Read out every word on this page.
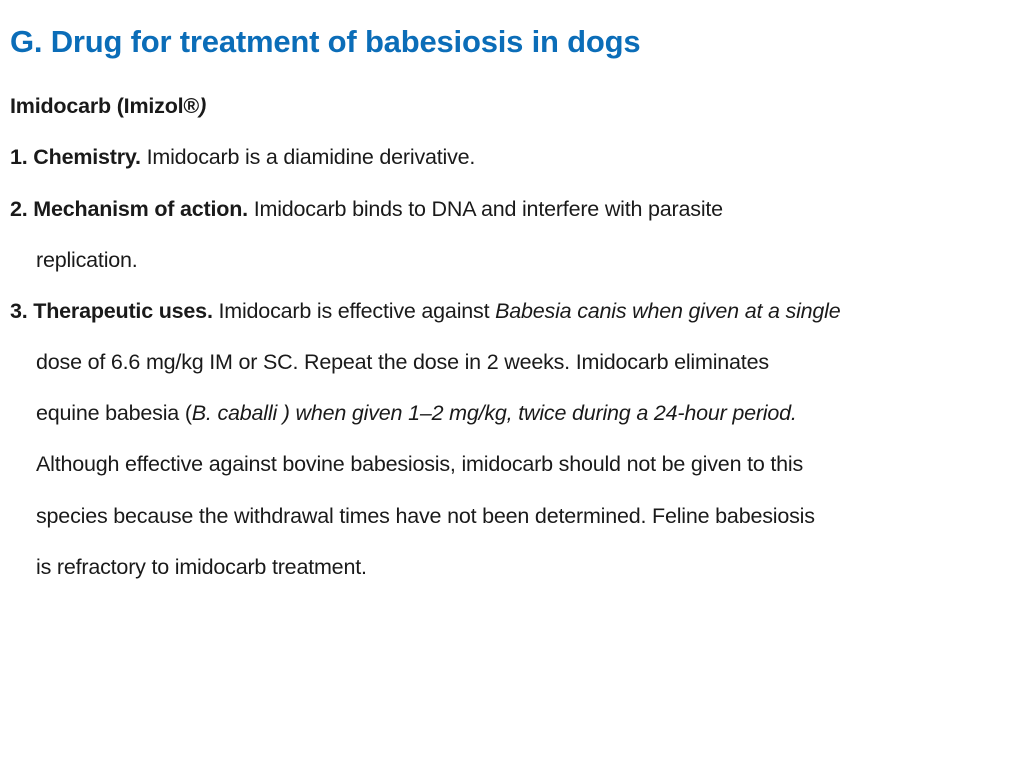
G. Drug for treatment of babesiosis in dogs
Imidocarb (Imizol®)
1. Chemistry. Imidocarb is a diamidine derivative.
2. Mechanism of action. Imidocarb binds to DNA and interfere with parasite
replication.
3. Therapeutic uses. Imidocarb is effective against Babesia canis when given at a single
dose of 6.6 mg/kg IM or SC. Repeat the dose in 2 weeks. Imidocarb eliminates
equine babesia (B. caballi ) when given 1–2 mg/kg, twice during a 24-hour period.
Although effective against bovine babesiosis, imidocarb should not be given to this
species because the withdrawal times have not been determined. Feline babesiosis
is refractory to imidocarb treatment.
